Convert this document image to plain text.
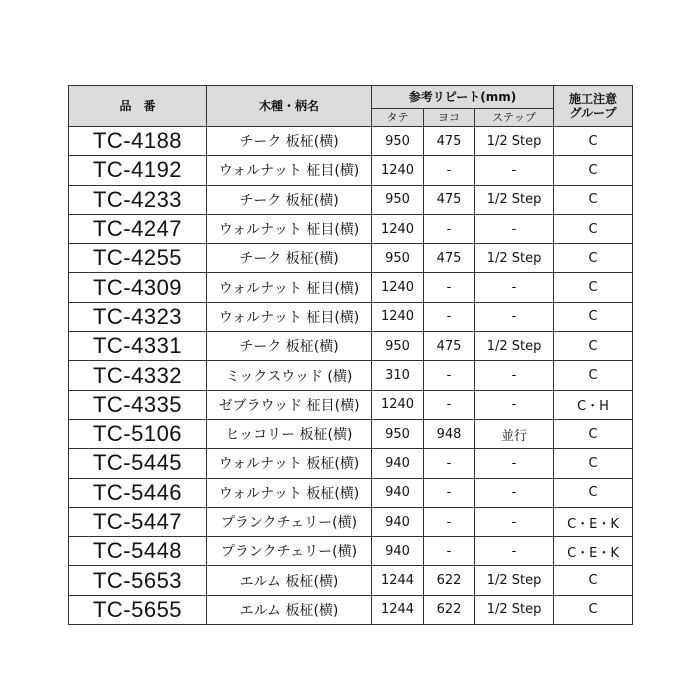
品　番	木種・柄名	参考リピート(mm)			施工注意
グループ
		タテ	ヨコ	ステップ	
TC-4188	チーク 板柾(横)	950	475	1/2 Step	C
TC-4192	ウォルナット 柾目(横)	1240	-	-	C
TC-4233	チーク 板柾(横)	950	475	1/2 Step	C
TC-4247	ウォルナット 柾目(横)	1240	-	-	C
TC-4255	チーク 板柾(横)	950	475	1/2 Step	C
TC-4309	ウォルナット 柾目(横)	1240	-	-	C
TC-4323	ウォルナット 柾目(横)	1240	-	-	C
TC-4331	チーク 板柾(横)	950	475	1/2 Step	C
TC-4332	ミックスウッド (横)	310	-	-	C
TC-4335	ゼブラウッド 柾目(横)	1240	-	-	C・H
TC-5106	ヒッコリー 板柾(横)	950	948	並行	C
TC-5445	ウォルナット 板柾(横)	940	-	-	C
TC-5446	ウォルナット 板柾(横)	940	-	-	C
TC-5447	プランクチェリー(横)	940	-	-	C・E・K
TC-5448	プランクチェリー(横)	940	-	-	C・E・K
TC-5653	エルム 板柾(横)	1244	622	1/2 Step	C
TC-5655	エルム 板柾(横)	1244	622	1/2 Step	C
